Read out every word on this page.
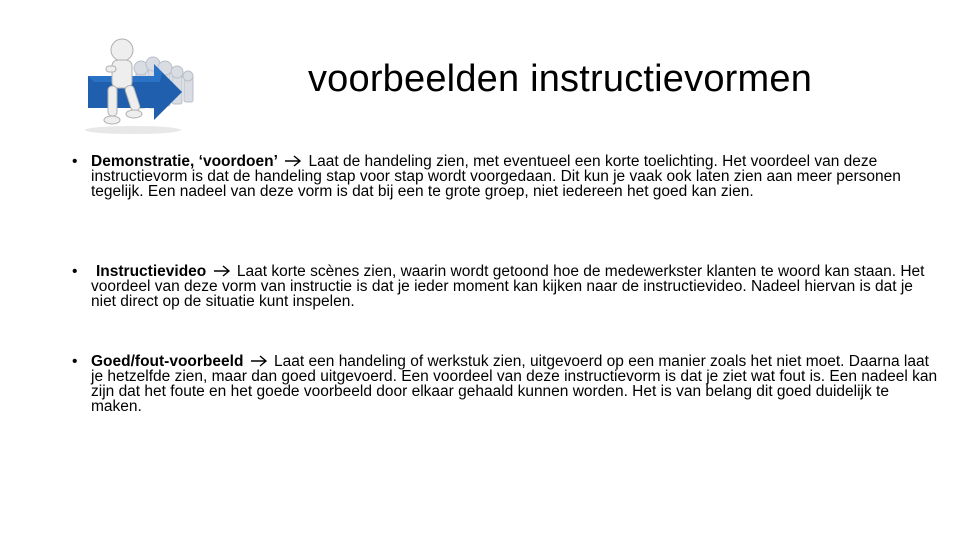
voorbeelden instructievormen
• Demonstratie, ‘voordoen’ Laat de handeling zien, met eventueel een korte toelichting. Het voordeel van deze instructievorm is dat de handeling stap voor stap wordt voorgedaan. Dit kun je vaak ook laten zien aan meer personen tegelijk. Een nadeel van deze vorm is dat bij een te grote groep, niet iedereen het goed kan zien.
• Instructievideo Laat korte scènes zien, waarin wordt getoond hoe de medewerkster klanten te woord kan staan. Het voordeel van deze vorm van instructie is dat je ieder moment kan kijken naar de instructievideo. Nadeel hiervan is dat je niet direct op de situatie kunt inspelen.
• Goed/fout-voorbeeld Laat een handeling of werkstuk zien, uitgevoerd op een manier zoals het niet moet. Daarna laat je hetzelfde zien, maar dan goed uitgevoerd. Een voordeel van deze instructievorm is dat je ziet wat fout is. Een nadeel kan zijn dat het foute en het goede voorbeeld door elkaar gehaald kunnen worden. Het is van belang dit goed duidelijk te maken.
